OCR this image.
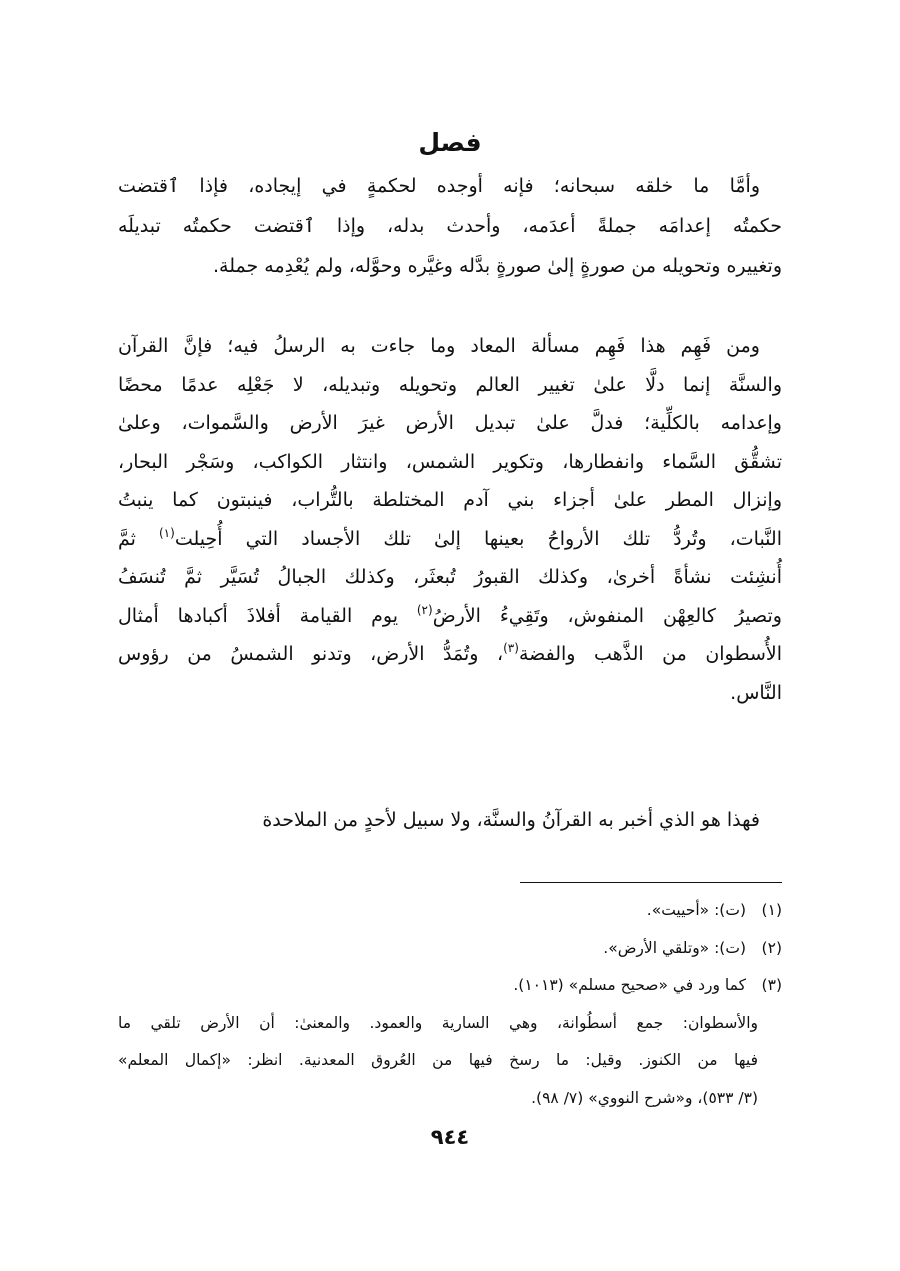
فصل
وأمَّا ما خلقه سبحانه؛ فإنه أوجده لحكمةٍ في إيجاده، فإذا ٱقتضت
حكمتُه إعدامَه جملةً أعدَمه، وأحدث بدله، وإذا ٱقتضت حكمتُه تبديلَه
وتغييره وتحويله من صورةٍ إلىٰ صورةٍ بدَّله وغيَّره وحوَّله، ولم يُعْدِمه جملة.
ومن فَهِم هذا فَهِم مسألة المعاد وما جاءت به الرسلُ فيه؛ فإنَّ القرآن
والسنَّة إنما دلَّا علىٰ تغيير العالم وتحويله وتبديله، لا جَعْلِه عدمًا محضًا
وإعدامه بالكلِّية؛ فدلَّ علىٰ تبديل الأرض غيرَ الأرض والسَّموات، وعلىٰ
تشقُّق السَّماء وانفطارها، وتكوير الشمس، وانتثار الكواكب، وسَجْر البحار،
وإنزال المطر علىٰ أجزاء بني آدم المختلطة بالتُّراب، فينبتون كما ينبتُ
النَّبات، وتُردُّ تلك الأرواحُ بعينها إلىٰ تلك الأجساد التي أُحِيلت$^{(١)}$ ثمَّ
أُنشِئت نشأةً أخرىٰ، وكذلك القبورُ تُبعثَر، وكذلك الجبالُ تُسَيَّر ثمَّ تُنسَفُ
وتصيرُ كالعِهْن المنفوش، وتَقِيءُ الأرضُ$^{(٢)}$ يوم القيامة أفلاذَ أكبادها أمثال
الأُسطوان من الذَّهب والفضة$^{(٣)}$، وتُمَدُّ الأرض، وتدنو الشمسُ من رؤوس
النَّاس.
فهذا هو الذي أخبر به القرآنُ والسنَّة، ولا سبيل لأحدٍ من الملاحدة
(١)(ت): «أحييت».
(٢)(ت): «وتلقي الأرض».
(٣)كما ورد في «صحيح مسلم» (١٠١٣).
والأسطوان: جمع أسطُوانة، وهي السارية والعمود. والمعنىٰ: أن الأرض تلقي ما
فيها من الكنوز. وقيل: ما رسخ فيها من العُروق المعدنية. انظر: «إكمال المعلم»
(٣/ ٥٣٣)، و«شرح النووي» (٧/ ٩٨).
٩٤٤
